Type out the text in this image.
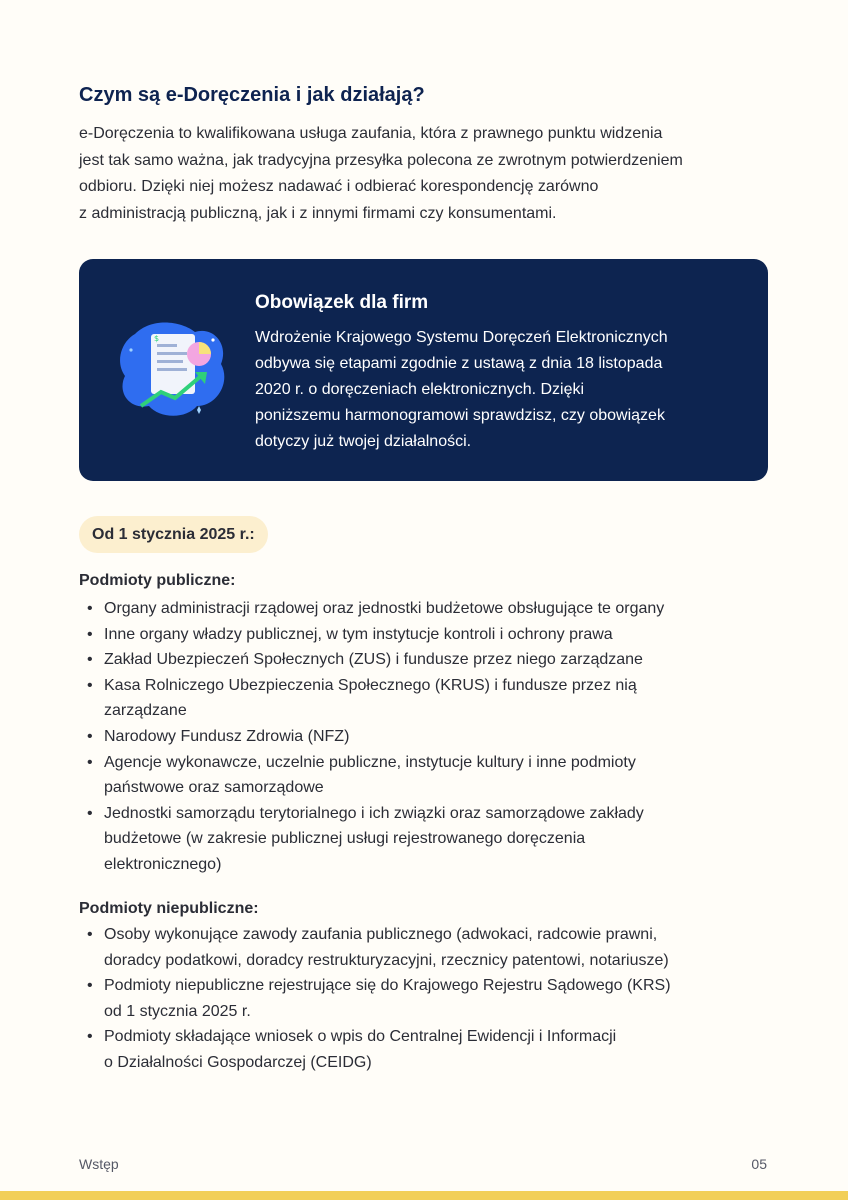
Czym są e-Doręczenia i jak działają?

e-Doręczenia to kwalifikowana usługa zaufania, która z prawnego punktu widzenia
jest tak samo ważna, jak tradycyjna przesyłka polecona ze zwrotnym potwierdzeniem
odbioru. Dzięki niej możesz nadawać i odbierać korespondencję zarówno
z administracją publiczną, jak i z innymi firmami czy konsumentami.

$
Obowiązek dla firm

Wdrożenie Krajowego Systemu Doręczeń Elektronicznych
odbywa się etapami zgodnie z ustawą z dnia 18 listopada
2020 r. o doręczeniach elektronicznych. Dzięki
poniższemu harmonogramowi sprawdzisz, czy obowiązek
dotyczy już twojej działalności.

Od 1 stycznia 2025 r.:
Podmioty publiczne:
• Organy administracji rządowej oraz jednostki budżetowe obsługujące te organy
• Inne organy władzy publicznej, w tym instytucje kontroli i ochrony prawa
• Zakład Ubezpieczeń Społecznych (ZUS) i fundusze przez niego zarządzane
• Kasa Rolniczego Ubezpieczenia Społecznego (KRUS) i fundusze przez nią
zarządzane
• Narodowy Fundusz Zdrowia (NFZ)
• Agencje wykonawcze, uczelnie publiczne, instytucje kultury i inne podmioty
państwowe oraz samorządowe
• Jednostki samorządu terytorialnego i ich związki oraz samorządowe zakłady
budżetowe (w zakresie publicznej usługi rejestrowanego doręczenia
elektronicznego)
Podmioty niepubliczne:
• Osoby wykonujące zawody zaufania publicznego (adwokaci, radcowie prawni,
doradcy podatkowi, doradcy restrukturyzacyjni, rzecznicy patentowi, notariusze)
• Podmioty niepubliczne rejestrujące się do Krajowego Rejestru Sądowego (KRS)
od 1 stycznia 2025 r.
• Podmioty składające wniosek o wpis do Centralnej Ewidencji i Informacji
o Działalności Gospodarczej (CEIDG)
Wstęp	05
